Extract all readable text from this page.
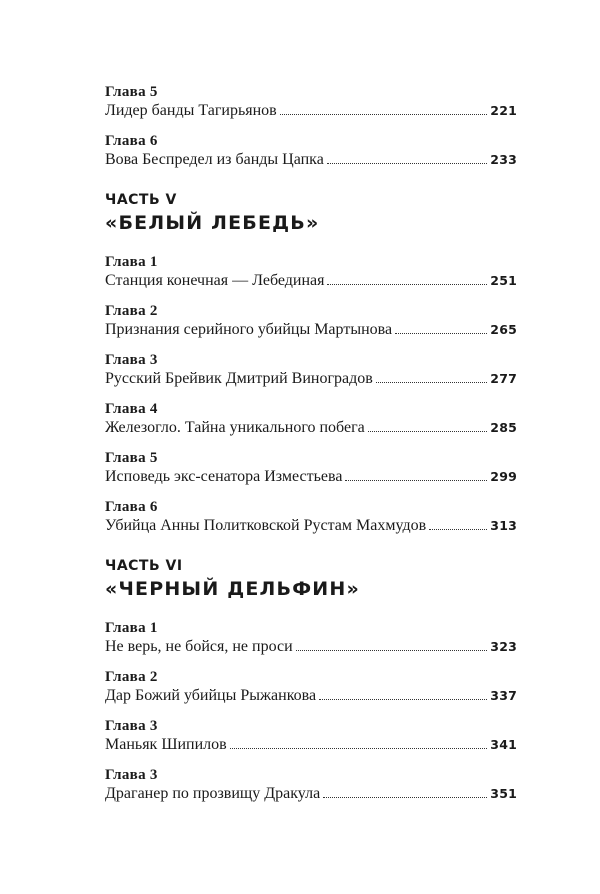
Глава 5
Лидер банды Тагирьянов	221
Глава 6
Вова Беспредел из банды Цапка	233
ЧАСТЬ V
«БЕЛЫЙ ЛЕБЕДЬ»
Глава 1
Станция конечная — Лебединая	251
Глава 2
Признания серийного убийцы Мартынова	265
Глава 3
Русский Брейвик Дмитрий Виноградов	277
Глава 4
Железогло. Тайна уникального побега	285
Глава 5
Исповедь экс-сенатора Изместьева	299
Глава 6
Убийца Анны Политковской Рустам Махмудов	313
ЧАСТЬ VI
«ЧЕРНЫЙ ДЕЛЬФИН»
Глава 1
Не верь, не бойся, не проси	323
Глава 2
Дар Божий убийцы Рыжанкова	337
Глава 3
Маньяк Шипилов	341
Глава 3
Драганер по прозвищу Дракула	351
